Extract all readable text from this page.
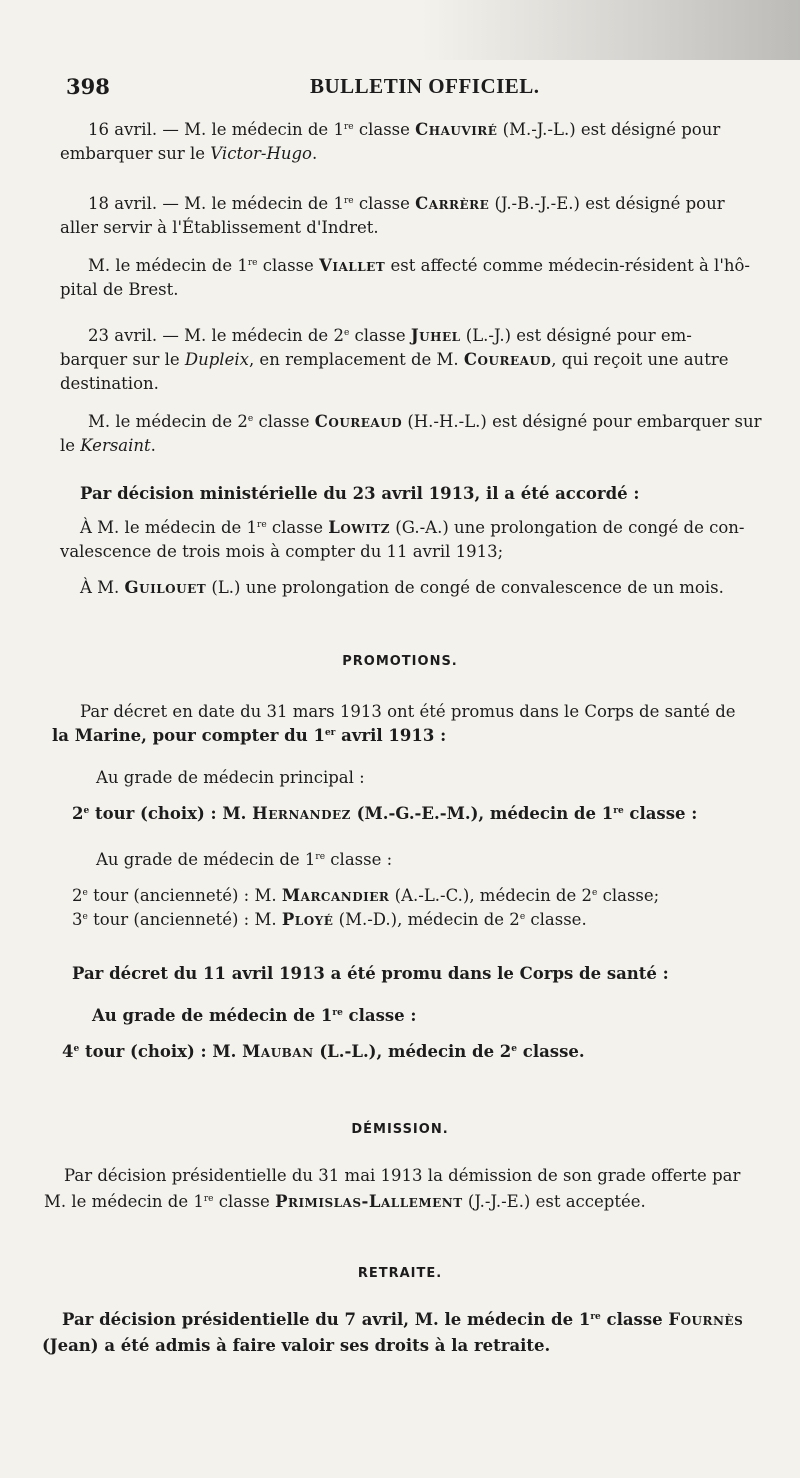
398	BULLETIN OFFICIEL.

16 avril. — M. le médecin de 1re classe Chauviré (M.-J.-L.) est désigné pour

embarquer sur le Victor-Hugo.

18 avril. — M. le médecin de 1re classe Carrère (J.-B.-J.-E.) est désigné pour

aller servir à l'Établissement d'Indret.

M. le médecin de 1re classe Viallet est affecté comme médecin-résident à l'hô-

pital de Brest.

23 avril. — M. le médecin de 2e classe Juhel (L.-J.) est désigné pour em-

barquer sur le Dupleix, en remplacement de M. Coureaud, qui reçoit une autre

destination.

M. le médecin de 2e classe Coureaud (H.-H.-L.) est désigné pour embarquer sur

le Kersaint.

Par décision ministérielle du 23 avril 1913, il a été accordé :

À M. le médecin de 1re classe Lowitz (G.-A.) une prolongation de congé de con-

valescence de trois mois à compter du 11 avril 1913;

À M. Guilouet (L.) une prolongation de congé de convalescence de un mois.

PROMOTIONS.

Par décret en date du 31 mars 1913 ont été promus dans le Corps de santé de

la Marine, pour compter du 1er avril 1913 :

Au grade de médecin principal :

2e tour (choix) : M. Hernandez (M.-G.-E.-M.), médecin de 1re classe :

Au grade de médecin de 1re classe :

2e tour (ancienneté) : M. Marcandier (A.-L.-C.), médecin de 2e classe;

3e tour (ancienneté) : M. Ployé (M.-D.), médecin de 2e classe.

Par décret du 11 avril 1913 a été promu dans le Corps de santé :

Au grade de médecin de 1re classe :

4e tour (choix) : M. Mauban (L.-L.), médecin de 2e classe.

DÉMISSION.

Par décision présidentielle du 31 mai 1913 la démission de son grade offerte par

M. le médecin de 1re classe Primislas-Lallement (J.-J.-E.) est acceptée.

RETRAITE.

Par décision présidentielle du 7 avril, M. le médecin de 1re classe Fournès

(Jean) a été admis à faire valoir ses droits à la retraite.
